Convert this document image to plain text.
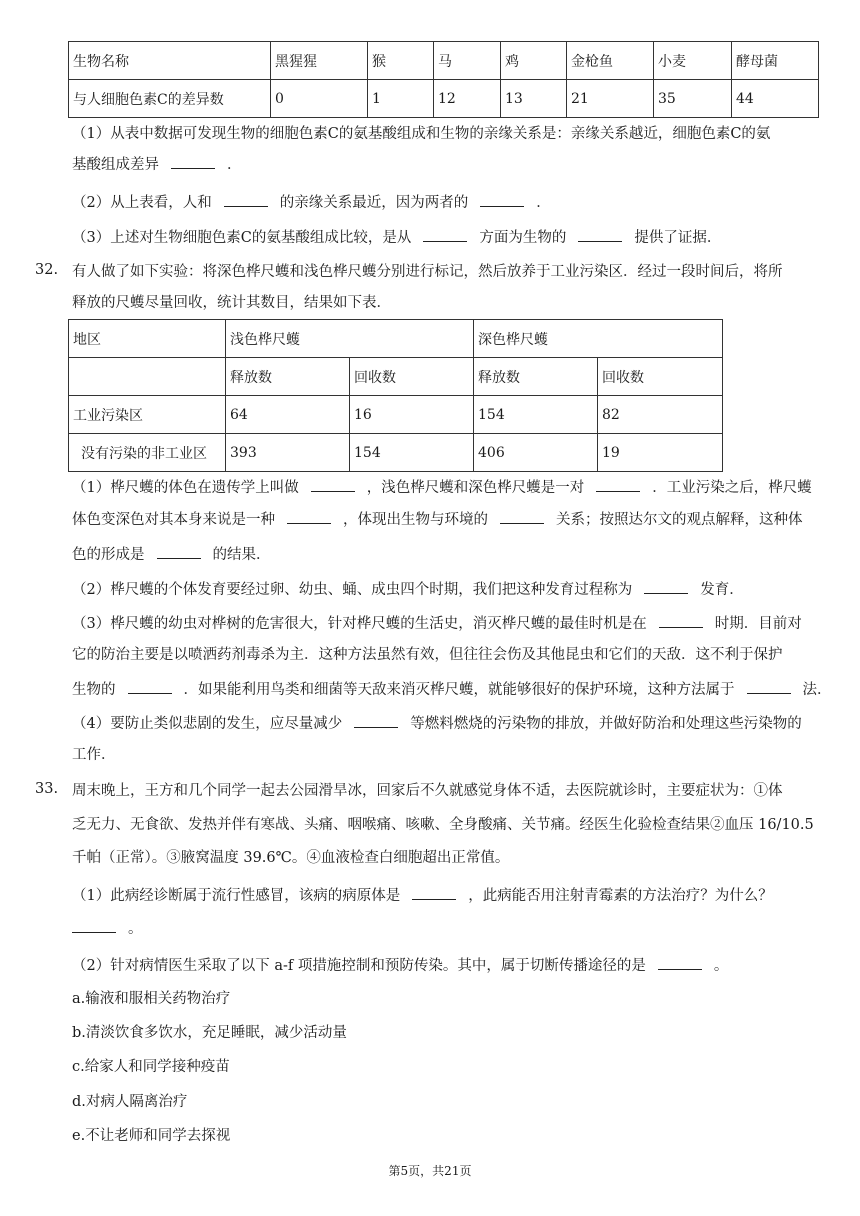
生物名称	黑猩猩	猴	马	鸡	金枪鱼	小麦	酵母菌
与人细胞色素C的差异数	0	1	12	13	21	35	44
（1）从表中数据可发现生物的细胞色素C的氨基酸组成和生物的亲缘关系是：亲缘关系越近，细胞色素C的氨
基酸组成差异	．
（2）从上表看，人和	的亲缘关系最近，因为两者的	．
（3）上述对生物细胞色素C的氨基酸组成比较，是从	方面为生物的	提供了证据．
32. 有人做了如下实验：将深色桦尺蠖和浅色桦尺蠖分别进行标记，然后放养于工业污染区．经过一段时间后，将所
释放的尺蠖尽量回收，统计其数目，结果如下表．
地区	浅色桦尺蠖		深色桦尺蠖	
	释放数	回收数	释放数	回收数
工业污染区	64	16	154	82
没有污染的非工业区	393	154	406	19
（1）桦尺蠖的体色在遗传学上叫做	，浅色桦尺蠖和深色桦尺蠖是一对	．工业污染之后，桦尺蠖
体色变深色对其本身来说是一种	，体现出生物与环境的	关系；按照达尔文的观点解释，这种体
色的形成是	的结果．
（2）桦尺蠖的个体发育要经过卵、幼虫、蛹、成虫四个时期，我们把这种发育过程称为	发育．
（3）桦尺蠖的幼虫对桦树的危害很大，针对桦尺蠖的生活史，消灭桦尺蠖的最佳时机是在	时期．目前对
它的防治主要是以喷洒药剂毒杀为主．这种方法虽然有效，但往往会伤及其他昆虫和它们的天敌．这不利于保护
生物的	．如果能利用鸟类和细菌等天敌来消灭桦尺蠖，就能够很好的保护环境，这种方法属于	法．
（4）要防止类似悲剧的发生，应尽量减少	等燃料燃烧的污染物的排放，并做好防治和处理这些污染物的
工作．
33. 周末晚上，王方和几个同学一起去公园滑旱冰，回家后不久就感觉身体不适，去医院就诊时，主要症状为：①体
乏无力、无食欲、发热并伴有寒战、头痛、咽喉痛、咳嗽、全身酸痛、关节痛。经医生化验检查结果②血压 16/10.5
千帕（正常）。③腋窝温度 39.6℃。④血液检查白细胞超出正常值。
（1）此病经诊断属于流行性感冒，该病的病原体是	，此病能否用注射青霉素的方法治疗？为什么？
。
（2）针对病情医生采取了以下 a-f 项措施控制和预防传染。其中，属于切断传播途径的是	。
a.输液和服相关药物治疗
b.清淡饮食多饮水，充足睡眠，减少活动量
c.给家人和同学接种疫苗
d.对病人隔离治疗
e.不让老师和同学去探视
第5页，共21页
